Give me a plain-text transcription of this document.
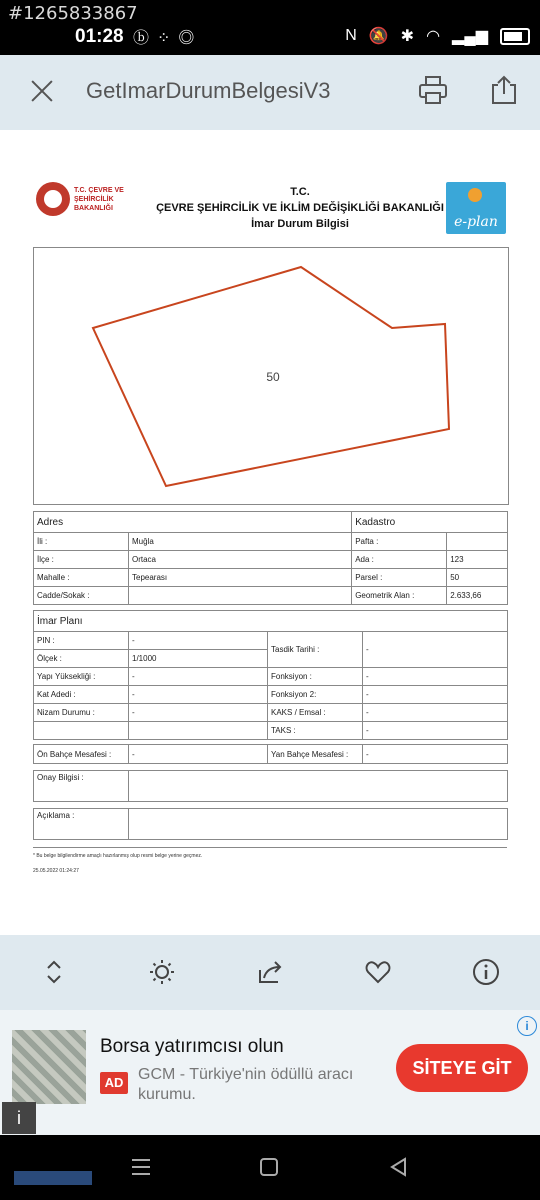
#1265833867
01:28 ⓑ⁘◎	N 🔕 ✱ ◠ ▂▄▆
GetImarDurumBelgesiV3
T.C. ÇEVRE VE ŞEHİRCİLİK BAKANLIĞI
T.C.
ÇEVRE ŞEHİRCİLİK VE İKLİM DEĞİŞİKLİĞİ BAKANLIĞI
İmar Durum Bilgisi	e-plan
50
Adres		Kadastro	
İli :	Muğla	Pafta :	
İlçe :	Ortaca	Ada :	123
Mahalle :	Tepearası	Parsel :	50
Cadde/Sokak :		Geometrik Alan :	2.633,66
İmar Planı			
PIN :	-	Tasdik Tarihi :	-
Ölçek :	1/1000		
Yapı Yüksekliği :	-	Fonksiyon :	-
Kat Adedi :	-	Fonksiyon 2:	-
Nizam Durumu :	-	KAKS / Emsal :	-
		TAKS :	-
Ön Bahçe Mesafesi :	-	Yan Bahçe Mesafesi :	-
Onay Bilgisi :	
Açıklama :	
* Bu belge bilgilendirme amaçlı hazırlanmış olup resmi belge yerine geçmez.
25.05.2022 01:24:27
Borsa yatırımcısı olun
AD GCM - Türkiye'nin ödüllü aracı kurumu.
SİTEYE GİT
i
i
